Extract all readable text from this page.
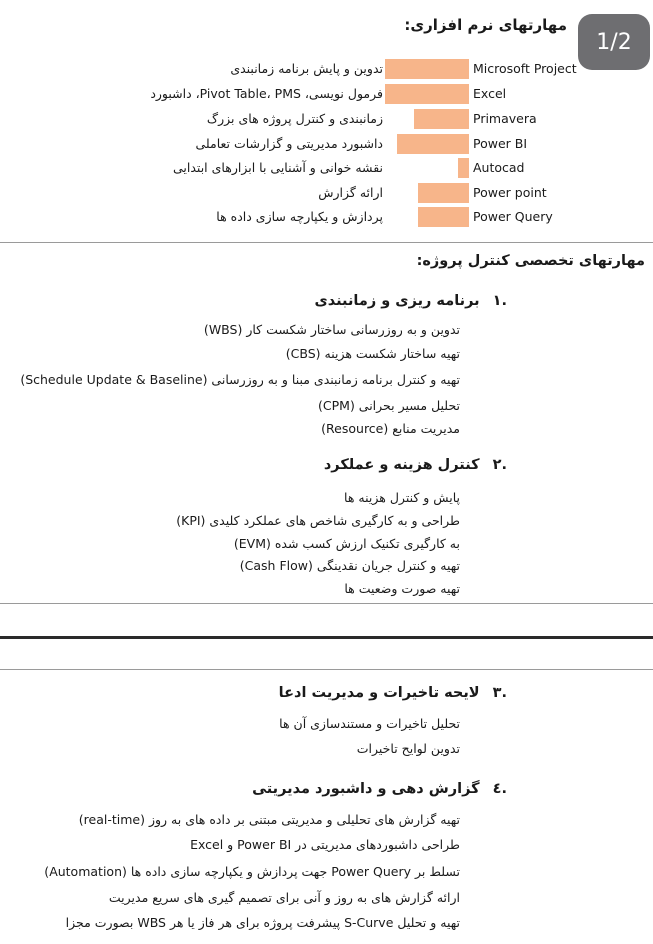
1/2
مهارتهای نرم افزاری:
تدوین و پایش برنامه زمانبندی	Microsoft Project
فرمول نویسی، Pivot Table، PMS، داشبورد	Excel
زمانبندی و کنترل پروژه های بزرگ	Primavera
داشبورد مدیریتی و گزارشات تعاملی	Power BI
نقشه خوانی و آشنایی با ابزارهای ابتدایی	Autocad
ارائه گزارش	Power point
پردازش و یکپارچه سازی داده ها	Power Query
مهارتهای تخصصی کنترل پروژه:
.۱ برنامه ریزی و زمانبندی
تدوین و به روزرسانی ساختار شکست کار (WBS)
تهیه ساختار شکست هزینه (CBS)
تهیه و کنترل برنامه زمانبندی مبنا و به روزرسانی (Schedule Update & Baseline)
تحلیل مسیر بحرانی (CPM)
مدیریت منابع (Resource)
.۲ کنترل هزینه و عملکرد
پایش و کنترل هزینه ها
طراحی و به کارگیری شاخص های عملکرد کلیدی (KPI)
به کارگیری تکنیک ارزش کسب شده (EVM)
تهیه و کنترل جریان نقدینگی (Cash Flow)
تهیه صورت وضعیت ها
.۳ لایحه تاخیرات و مدیریت ادعا
تحلیل تاخیرات و مستندسازی آن ها
تدوین لوایح تاخیرات
.٤ گزارش دهی و داشبورد مدیریتی
تهیه گزارش های تحلیلی و مدیریتی مبتنی بر داده های به روز (real-time)
طراحی داشبوردهای مدیریتی در Power BI و Excel
تسلط بر Power Query جهت پردازش و یکپارچه سازی داده ها (Automation)
ارائه گزارش های به روز و آنی برای تصمیم گیری های سریع مدیریت
تهیه و تحلیل S-Curve پیشرفت پروژه برای هر فاز یا هر WBS بصورت مجزا
